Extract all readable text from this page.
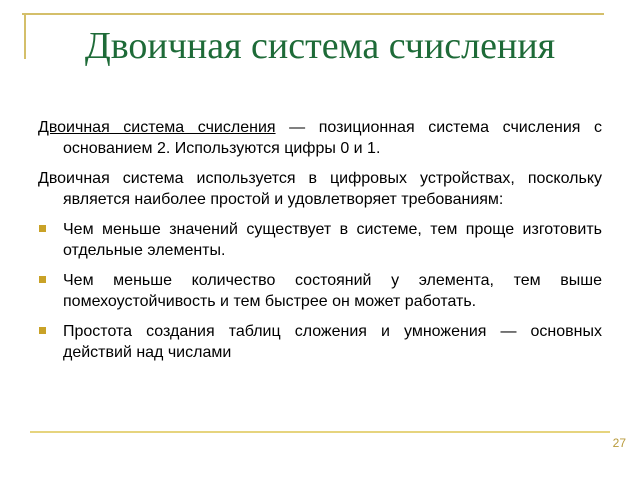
Двоичная система счисления

Двоичная система счисления — позиционная система счисления с основанием 2. Используются цифры 0 и 1.

Двоичная система используется в цифровых устройствах, поскольку является наиболее простой и удовлетворяет требованиям:

Чем меньше значений существует в системе, тем проще изготовить отдельные элементы.
Чем меньше количество состояний у элемента, тем выше помехоустойчивость и тем быстрее он может работать.
Простота создания таблиц сложения и умножения — основных действий над числами
27
